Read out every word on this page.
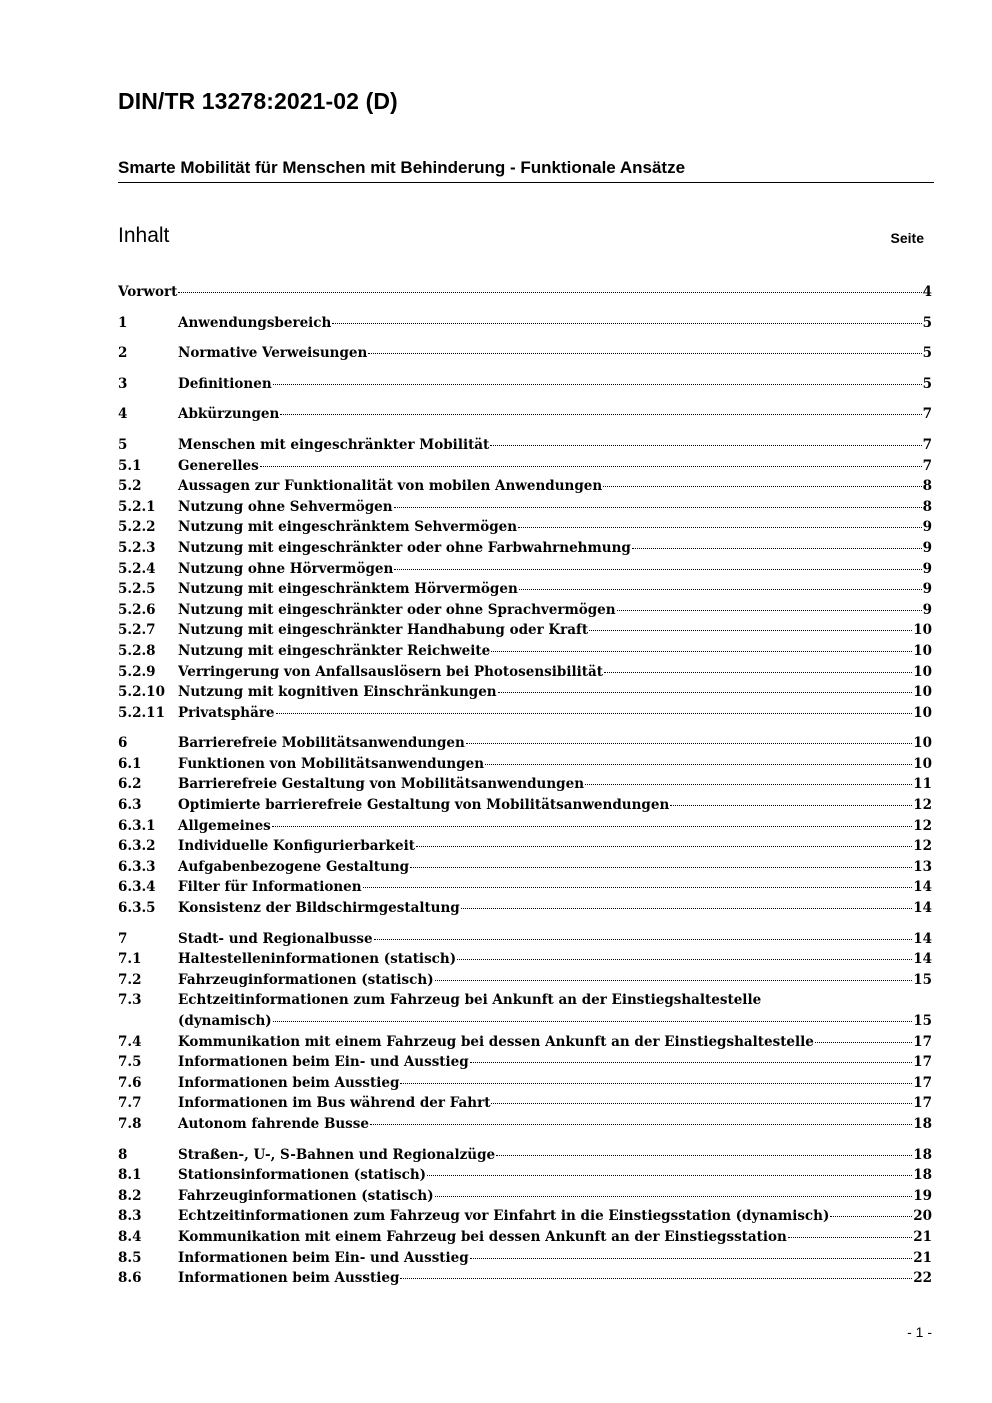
DIN/TR 13278:2021-02 (D)
Smarte Mobilität für Menschen mit Behinderung - Funktionale Ansätze
Inhalt	Seite
Vorwort	4
1	Anwendungsbereich	5
2	Normative Verweisungen	5
3	Definitionen	5
4	Abkürzungen	7
5	Menschen mit eingeschränkter Mobilität	7
5.1	Generelles	7
5.2	Aussagen zur Funktionalität von mobilen Anwendungen	8
5.2.1	Nutzung ohne Sehvermögen	8
5.2.2	Nutzung mit eingeschränktem Sehvermögen	9
5.2.3	Nutzung mit eingeschränkter oder ohne Farbwahrnehmung	9
5.2.4	Nutzung ohne Hörvermögen	9
5.2.5	Nutzung mit eingeschränktem Hörvermögen	9
5.2.6	Nutzung mit eingeschränkter oder ohne Sprachvermögen	9
5.2.7	Nutzung mit eingeschränkter Handhabung oder Kraft	10
5.2.8	Nutzung mit eingeschränkter Reichweite	10
5.2.9	Verringerung von Anfallsauslösern bei Photosensibilität	10
5.2.10 Nutzung mit kognitiven Einschränkungen	10
5.2.11 Privatsphäre	10
6	Barrierefreie Mobilitätsanwendungen	10
6.1	Funktionen von Mobilitätsanwendungen	10
6.2	Barrierefreie Gestaltung von Mobilitätsanwendungen	11
6.3	Optimierte barrierefreie Gestaltung von Mobilitätsanwendungen	12
6.3.1	Allgemeines	12
6.3.2	Individuelle Konfigurierbarkeit	12
6.3.3	Aufgabenbezogene Gestaltung	13
6.3.4	Filter für Informationen	14
6.3.5	Konsistenz der Bildschirmgestaltung	14
7	Stadt- und Regionalbusse	14
7.1	Haltestelleninformationen (statisch)	14
7.2	Fahrzeuginformationen (statisch)	15
7.3	Echtzeitinformationen zum Fahrzeug bei Ankunft an der Einstiegshaltestelle
(dynamisch)	15
7.4	Kommunikation mit einem Fahrzeug bei dessen Ankunft an der Einstiegshaltestelle	17
7.5	Informationen beim Ein- und Ausstieg	17
7.6	Informationen beim Ausstieg	17
7.7	Informationen im Bus während der Fahrt	17
7.8	Autonom fahrende Busse	18
8	Straßen-, U-, S-Bahnen und Regionalzüge	18
8.1	Stationsinformationen (statisch)	18
8.2	Fahrzeuginformationen (statisch)	19
8.3	Echtzeitinformationen zum Fahrzeug vor Einfahrt in die Einstiegsstation (dynamisch)	20
8.4	Kommunikation mit einem Fahrzeug bei dessen Ankunft an der Einstiegsstation	21
8.5	Informationen beim Ein- und Ausstieg	21
8.6	Informationen beim Ausstieg	22
- 1 -
